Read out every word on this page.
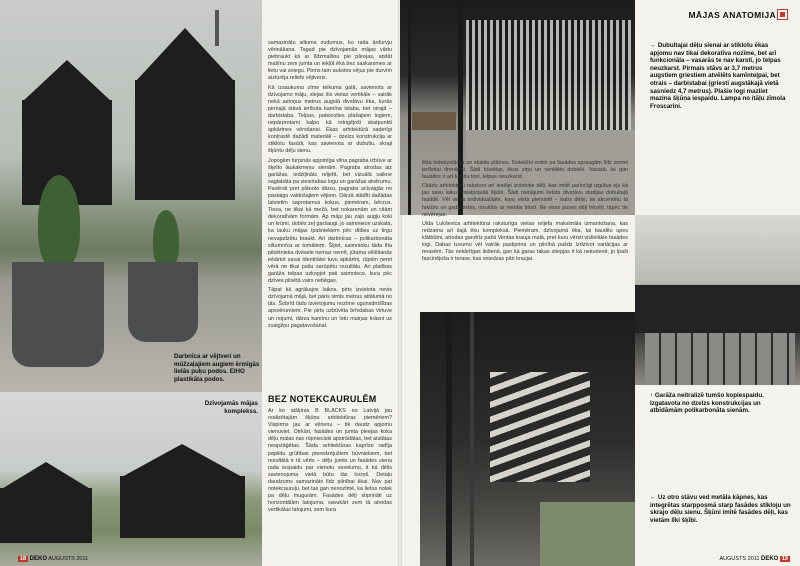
Darbnīca ar vējtveri un mūžzaļajiem augiem ērmīgās lielās puķu podos. EIHO plastikāta podos.
Dzīvojamās mājas komplekss.

samazinātu siltuma zudumus, ko rada ārdurvju vērināšana. Tagad pie dzīvojamās mājas vārtu piebraukt kā ar līdzmalšnu pie pārejas, atstāt mašīnu zem jumta un iekļūt ēkā bez saskarsmes ar lietu vai sniegu. Pirms tam aukstos vējus pie durvīm aizturēja reliefs vējtveris.

Kā izsaukuma zīme teikuma galā, savienota ar dzīvojamo māju, slejas šis vietas vertikāle – vairāk nekā astoņus metrus augstā divstāvu ēka, kurās pirmajā stāvā ierīkota kamīna istaba, bet otrajā – darbistaba. Telpas, pateicoties plašajiem logiem, nepārprotami kalpo kā intrigējoši skatpunkti apkārtnes vērošanai. Ēkas arhitektūrā saderīgi kontrastē dažādi materiāli – dzelzs konstrukcija ar stiklotu fasādi, kas savienota ar dubultu, skraji šķūntu dēļu sienu.

Jopogām turpinās apjomīga vilna pagraba izbūve ar šķelto laukakmeņu sienām. Pagrabs atrodas aiz garāžas, iedziļināts reljefā, bet vizuālā saikne saglabāta pa viesotabas logu un garāžas atvērumu. Pavērsti pret plānoto dārzu, pagrabs acīvaigās no pastaigu valdošajiem vējiem. Dārzā stādīti dažādas latvietim saprotamus kokus, piemēram, bērzus. Tiesa, ne tikai kā mežā, bet nokarenām un citām dekoratīvām formām. Ap māju jau zaļo augļu koki un krūmi, dobēs zeļ garšaugi, jo saimniece uzskata, ka lauku mājas īpašniekiem pēc dīdies uz tirgu nevajadzētu braukt. Arī darbnīcas – polikarbonāta siltumnīca ar tomātiem. Šķiet, saimnieku tāda līta pilsētnieka dvēsele nemaz nemīt, jūtama vēlēšanās iekārtot savai identitātei tuvu apkārtni, rūpēm ņemt vērā ne tikai pašu sarūpētu rezultātu. Ari platības garāža telpas uzkopjot pati saimniece, kura pēc dzīves pilsētā vairs nebēgas.

Tāpat kā agrākajos laikos, pirts izvietota nevis dzīvojamā mājā, bet pāris simts metrus attālumā no tās. Šobrīd tādu izvietojumu nozīme ugunsdrošības apsvērumiem. Pie pirts uzbūvēta brīvdabas virtuve un nojumi, dārza kamīnu un īstu maiņas krāsni uz zvaigžņu pagatavošanai.

BEZ NOTEKCAURULĒM

Ar ko atšķiras B BLACKS no Latvijā jau realizētajām šķūņu arhitektūras piemēriem? Vispirms jau ar vērienu – tik daudz apjomu vienuviet. Otrkārt, fasādes un jumta pieejas koka dēļu malas nav rūpnieciski apstrādātas, bet atstātas neapzāģētas. Šāda arhitektūras kaprīze radīja papildu grūtības pieredzējušiem būvniekiem, bet rezultātā ir tā vērts – dēļu jumts un fasādes siena rada iespaidu par vienotu veselumu, it kā dēlis savienojuma vietā būtu tās lociņš. Detaļu daudzums samazināts līdz pilnībai ēkai. Nav pat notekcauruļu, bet tas gan nenozīmē, ka lietus notek pa dēļu mugurām. Fasādes dēļi stiprināti uz horizontālām latojuma, savukārt zem tā atrodas vertikālas latojumi, zem kura

18 DEKO AUGUSTS 2011
MĀJAS ANATOMIJA
← Dubultajai dēļu sienai ar stiklotu ēkas apjomu nav tikai dekoratīva nozīme, bet arī funkcionāla – vasarās te nav karsti, jo telpas neuzkarst. Pirmais stāvs ar 3,7 metrus augstiem griestiem atvēlēts kamīnteļpai, bet otrais – darbistabai (griesti augstākajā vietā sasniedz 4,7 metrus). Plašie logi mazliet mazina šķūņa iespaidu. Lampa no itāļu zīmola Froscarini.
↑ Garāža neitralizē tumšo kopiespaidu. Izgatavota no dzelzs konstrukcijas un atbīdāmām polikarbonāta sienām.

likta hidroizolācija un skaidu plātnes. Noteklīni notek pa fasādes spraugām līdz zemei ierīkotai drenāžai. Šādi būvētas, ēkas ziņu un ventilēts dobiski. Vasarā, lai gan fasādes ir arī tumšu toni, telpas neuzkarst.

Citādu arhitektūru raksturo arī iesēlpi izvietotie dēļi, kas imitē parlocīgi izgūtus eju kā jau savu laiku nokalpojušā šķūni. Šādi risinājumi lietots divstāvu studijas dubultajā fasādē. Vēl viena individualitāte, kuru vērts pieminēt – katrs dēļis, lai akcentētu tā faktūru un gadskārtas, izsukāts ar metāla birsti. Ne otras puses dēļi frēzēti, tāpēc tie nevērejas.

Ulda Lukševica arhitektūrai raksturīga vietas reljefa maksimāla izmantošana, kas redzama arī šajā ēku kompleksā. Piemēram, dzīvojamā ēka, lai bauditu upes klātbūtni, atrodas gandrīz pašā Ventas krauja malā, pret kuru vērsti vislielākie fasādes logi. Dabas tuvumu vēl vairāk pastiprina un pilnībā pašdz izdzīvot variācijas ar terasēm. Tās nekārtīgas ikdienā, gan kā garas takas stiepjas it kā nekurienē, jo lpaši fascinējoša ir terase, kas sniedzas pāri kraujai.

← Uz otro stāvu ved metāla kāpnes, kas integrētas starpposmā starp fasādes stikloju un skrajo dēļu sienu. Šķūni imitē fasādes dēļi, kas vietām līki šķībi.
AUGUSTS 2011 DEKO 19
